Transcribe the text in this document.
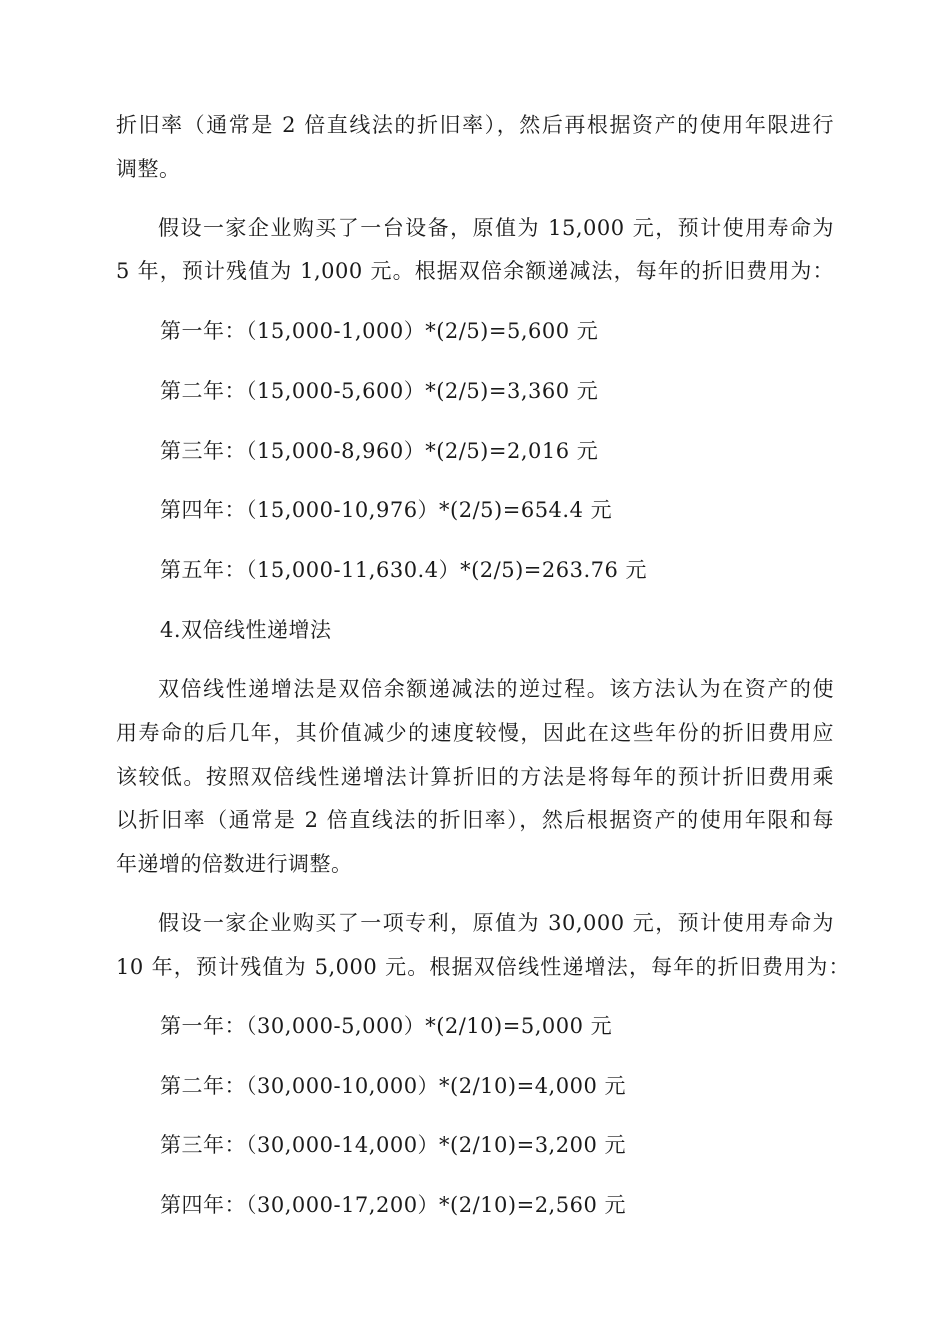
折旧率（通常是 2 倍直线法的折旧率），然后再根据资产的使用年限进行
调整。
假设一家企业购买了一台设备，原值为 15,000 元，预计使用寿命为
5 年，预计残值为 1,000 元。根据双倍余额递减法，每年的折旧费用为：
第一年：（15,000-1,000）*(2/5)=5,600 元
第二年：（15,000-5,600）*(2/5)=3,360 元
第三年：（15,000-8,960）*(2/5)=2,016 元
第四年：（15,000-10,976）*(2/5)=654.4 元
第五年：（15,000-11,630.4）*(2/5)=263.76 元
4.双倍线性递增法
双倍线性递增法是双倍余额递减法的逆过程。该方法认为在资产的使
用寿命的后几年，其价值减少的速度较慢，因此在这些年份的折旧费用应
该较低。按照双倍线性递增法计算折旧的方法是将每年的预计折旧费用乘
以折旧率（通常是 2 倍直线法的折旧率），然后根据资产的使用年限和每
年递增的倍数进行调整。
假设一家企业购买了一项专利，原值为 30,000 元，预计使用寿命为
10 年，预计残值为 5,000 元。根据双倍线性递增法，每年的折旧费用为：
第一年：（30,000-5,000）*(2/10)=5,000 元
第二年：（30,000-10,000）*(2/10)=4,000 元
第三年：（30,000-14,000）*(2/10)=3,200 元
第四年：（30,000-17,200）*(2/10)=2,560 元
